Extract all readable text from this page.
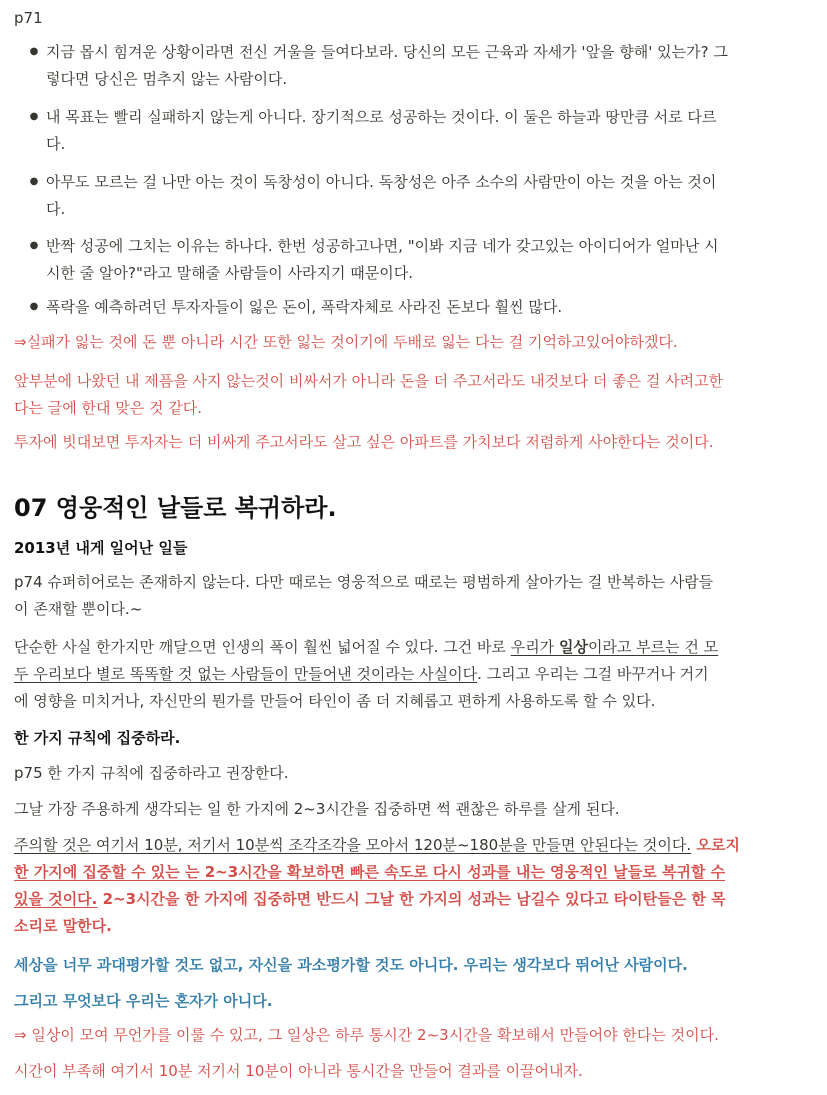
p71
● 지금 몹시 힘겨운 상황이라면 전신 거울을 들여다보라. 당신의 모든 근육과 자세가 '앞을 향해' 있는가? 그
렇다면 당신은 멈추지 않는 사람이다.
● 내 목표는 빨리 실패하지 않는게 아니다. 장기적으로 성공하는 것이다. 이 둘은 하늘과 땅만큼 서로 다르
다.
● 아무도 모르는 걸 나만 아는 것이 독창성이 아니다. 독창성은 아주 소수의 사람만이 아는 것을 아는 것이
다.
● 반짝 성공에 그치는 이유는 하나다. 한번 성공하고나면, "이봐 지금 네가 갖고있는 아이디어가 얼마난 시
시한 줄 알아?"라고 말해줄 사람들이 사라지기 때문이다.
● 폭락을 예측하려던 투자자들이 잃은 돈이, 폭락자체로 사라진 돈보다 훨씬 많다.
⇒실패가 잃는 것에 돈 뿐 아니라 시간 또한 잃는 것이기에 두배로 잃는 다는 걸 기억하고있어야하겠다.
앞부분에 나왔던 내 제픔을 사지 않는것이 비싸서가 아니라 돈을 더 주고서라도 내것보다 더 좋은 걸 사려고한
다는 글에 한대 맞은 것 같다.
투자에 빗대보면 투자자는 더 비싸게 주고서라도 살고 싶은 아파트를 가치보다 저렴하게 사야한다는 것이다.
07 영웅적인 날들로 복귀하라.
2013년 내게 일어난 일들
p74 슈퍼히어로는 존재하지 않는다. 다만 때로는 영웅적으로 때로는 평범하게 살아가는 걸 반복하는 사람들
이 존재할 뿐이다.~
단순한 사실 한가지만 깨달으면 인생의 폭이 훨씬 넓어질 수 있다. 그건 바로 우리가 일상이라고 부르는 건 모
두 우리보다 별로 똑똑할 것 없는 사람들이 만들어낸 것이라는 사실이다. 그리고 우리는 그걸 바꾸거나 거기
에 영향을 미치거나, 자신만의 뭔가를 만들어 타인이 좀 더 지혜롭고 편하게 사용하도록 할 수 있다.
한 가지 규칙에 집중하라.
p75 한 가지 규칙에 집중하라고 권장한다.
그날 가장 주용하게 생각되는 일 한 가지에 2~3시간을 집중하면 썩 괜찮은 하루를 살게 된다.
주의할 것은 여기서 10분, 저기서 10분씩 조각조각을 모아서 120분~180분을 만들면 안된다는 것이다. 오로지
한 가지에 집중할 수 있는 는 2~3시간을 확보하면 빠른 속도로 다시 성과를 내는 영웅적인 날들로 복귀할 수
있을 것이다. 2~3시간을 한 가지에 집중하면 반드시 그날 한 가지의 성과는 남길수 있다고 타이탄들은 한 목
소리로 말한다.
세상을 너무 과대평가할 것도 없고, 자신을 과소평가할 것도 아니다. 우리는 생각보다 뛰어난 사람이다.
그리고 무엇보다 우리는 혼자가 아니다.
⇒ 일상이 모여 무언가를 이룰 수 있고, 그 일상은 하루 통시간 2~3시간을 확보해서 만들어야 한다는 것이다.
시간이 부족해 여기서 10분 저기서 10분이 아니라 통시간을 만들어 결과를 이끌어내자.
